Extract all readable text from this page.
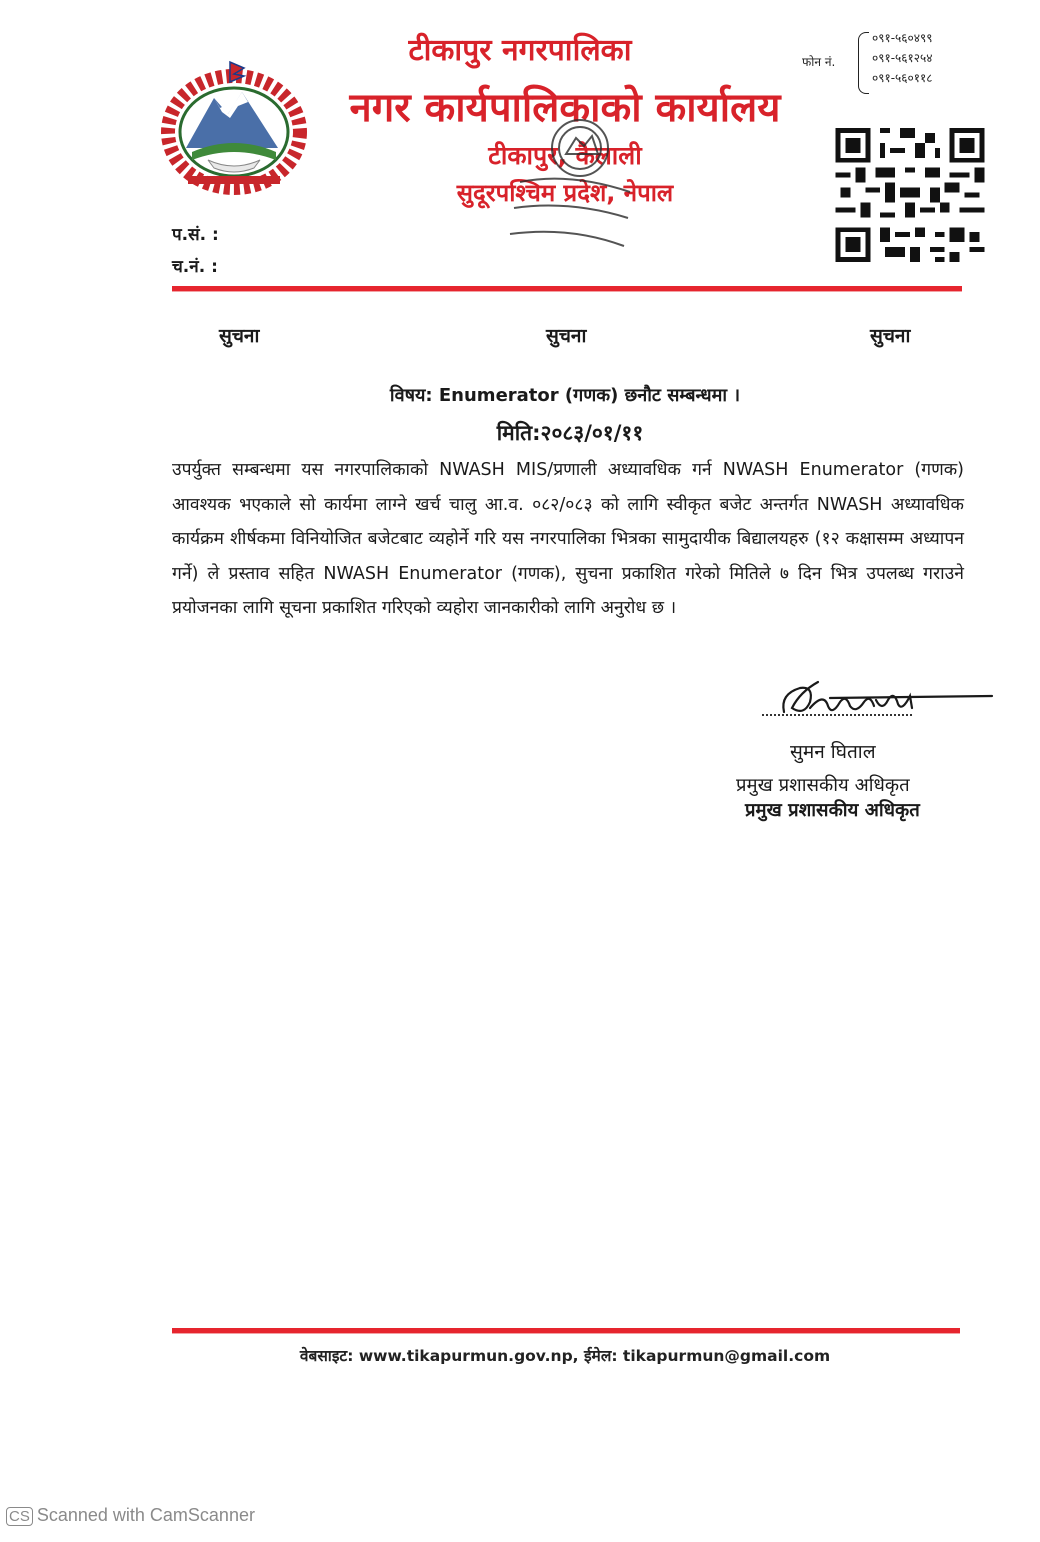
टीकापुर नगरपालिका
नगर कार्यपालिकाको कार्यालय
फोन नं.
०९१-५६०४९९
०९१-५६१२५४
०९१-५६०११८
टीकापुर, कैलाली
सुदूरपश्चिम प्रदेश, नेपाल
प.सं. :
च.नं. :
सुचना	सुचना	सुचना
विषय: Enumerator (गणक) छनौट सम्बन्धमा ।
मिति:२०८३/०१/११
उपर्युक्त सम्बन्धमा यस नगरपालिकाको NWASH MIS/प्रणाली अध्यावधिक गर्न NWASH Enumerator (गणक) आवश्यक भएकाले सो कार्यमा लाग्ने खर्च चालु आ.व. ०८२/०८३ को लागि स्वीकृत बजेट अन्तर्गत NWASH अध्यावधिक कार्यक्रम शीर्षकमा विनियोजित बजेटबाट व्यहोर्ने गरि यस नगरपालिका भित्रका सामुदायीक बिद्यालयहरु (१२ कक्षासम्म अध्यापन गर्ने) ले प्रस्ताव सहित NWASH Enumerator (गणक), सुचना प्रकाशित गरेको मितिले ७ दिन भित्र उपलब्ध गराउने प्रयोजनका लागि सूचना प्रकाशित गरिएको व्यहोरा जानकारीको लागि अनुरोध छ ।
सुमन घिताल
प्रमुख प्रशासकीय अधिकृत
प्रमुख प्रशासकीय अधिकृत
वेबसाइट: www.tikapurmun.gov.np, ईमेल: tikapurmun@gmail.com
CS Scanned with CamScanner
